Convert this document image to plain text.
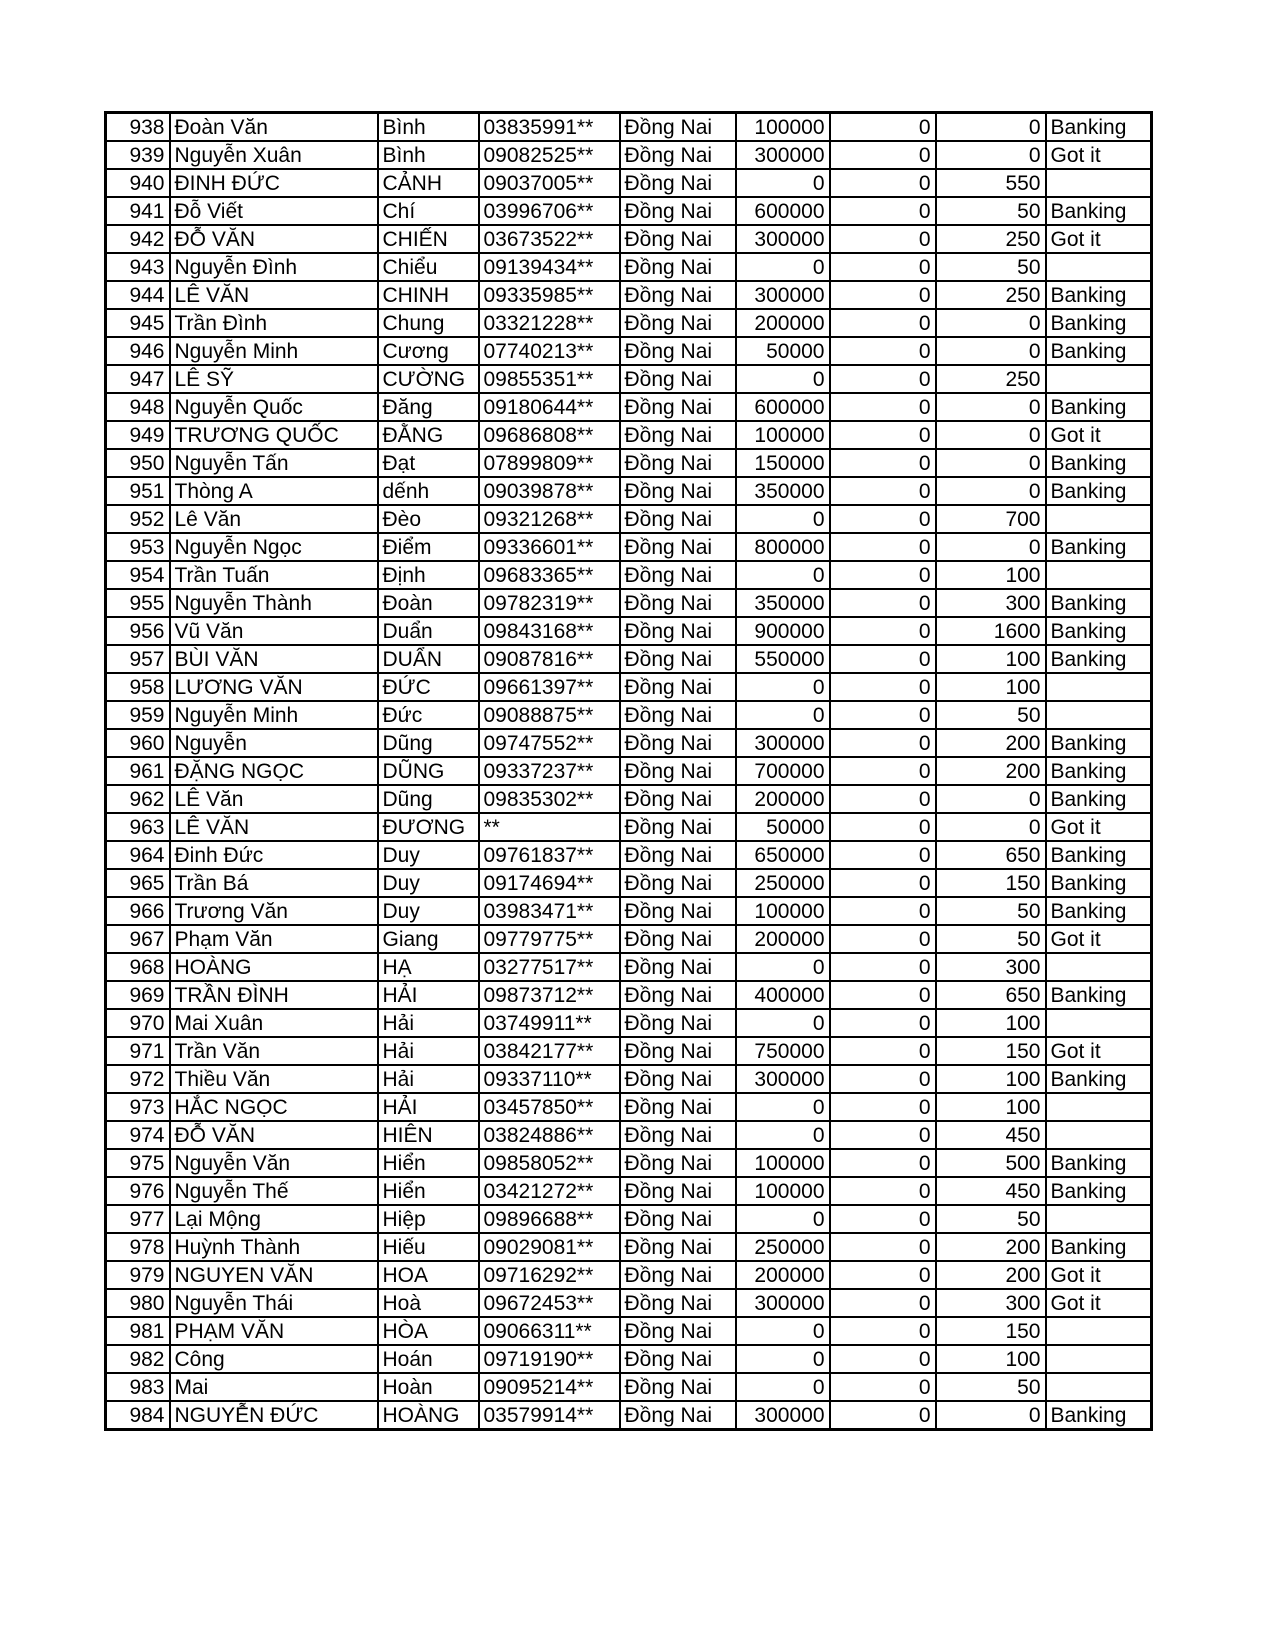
938	Đoàn Văn	Bình	03835991**	Đồng Nai	100000	0	0	Banking
939	Nguyễn Xuân	Bình	09082525**	Đồng Nai	300000	0	0	Got it
940	ĐINH ĐỨC	CẢNH	09037005**	Đồng Nai	0	0	550	
941	Đỗ Viết	Chí	03996706**	Đồng Nai	600000	0	50	Banking
942	ĐỖ VĂN	CHIẾN	03673522**	Đồng Nai	300000	0	250	Got it
943	Nguyễn Đình	Chiểu	09139434**	Đồng Nai	0	0	50	
944	LÊ VĂN	CHINH	09335985**	Đồng Nai	300000	0	250	Banking
945	Trần Đình	Chung	03321228**	Đồng Nai	200000	0	0	Banking
946	Nguyễn Minh	Cương	07740213**	Đồng Nai	50000	0	0	Banking
947	LÊ SỸ	CƯỜNG	09855351**	Đồng Nai	0	0	250	
948	Nguyễn Quốc	Đăng	09180644**	Đồng Nai	600000	0	0	Banking
949	TRƯƠNG QUỐC	ĐẰNG	09686808**	Đồng Nai	100000	0	0	Got it
950	Nguyễn Tấn	Đạt	07899809**	Đồng Nai	150000	0	0	Banking
951	Thòng A	dếnh	09039878**	Đồng Nai	350000	0	0	Banking
952	Lê Văn	Đèo	09321268**	Đồng Nai	0	0	700	
953	Nguyễn Ngọc	Điểm	09336601**	Đồng Nai	800000	0	0	Banking
954	Trần Tuấn	Định	09683365**	Đồng Nai	0	0	100	
955	Nguyễn Thành	Đoàn	09782319**	Đồng Nai	350000	0	300	Banking
956	Vũ Văn	Duẩn	09843168**	Đồng Nai	900000	0	1600	Banking
957	BÙI VĂN	DUẨN	09087816**	Đồng Nai	550000	0	100	Banking
958	LƯƠNG VĂN	ĐỨC	09661397**	Đồng Nai	0	0	100	
959	Nguyễn Minh	Đức	09088875**	Đồng Nai	0	0	50	
960	Nguyễn	Dũng	09747552**	Đồng Nai	300000	0	200	Banking
961	ĐẶNG NGỌC	DŨNG	09337237**	Đồng Nai	700000	0	200	Banking
962	LÊ Văn	Dũng	09835302**	Đồng Nai	200000	0	0	Banking
963	LÊ VĂN	ĐƯƠNG	**	Đồng Nai	50000	0	0	Got it
964	Đinh Đức	Duy	09761837**	Đồng Nai	650000	0	650	Banking
965	Trần Bá	Duy	09174694**	Đồng Nai	250000	0	150	Banking
966	Trương Văn	Duy	03983471**	Đồng Nai	100000	0	50	Banking
967	Phạm Văn	Giang	09779775**	Đồng Nai	200000	0	50	Got it
968	HOÀNG	HẠ	03277517**	Đồng Nai	0	0	300	
969	TRẦN ĐÌNH	HẢI	09873712**	Đồng Nai	400000	0	650	Banking
970	Mai Xuân	Hải	03749911**	Đồng Nai	0	0	100	
971	Trần Văn	Hải	03842177**	Đồng Nai	750000	0	150	Got it
972	Thiều Văn	Hải	09337110**	Đồng Nai	300000	0	100	Banking
973	HẮC NGỌC	HẢI	03457850**	Đồng Nai	0	0	100	
974	ĐỖ VĂN	HIÊN	03824886**	Đồng Nai	0	0	450	
975	Nguyễn Văn	Hiển	09858052**	Đồng Nai	100000	0	500	Banking
976	Nguyễn Thế	Hiển	03421272**	Đồng Nai	100000	0	450	Banking
977	Lại Mộng	Hiệp	09896688**	Đồng Nai	0	0	50	
978	Huỳnh Thành	Hiếu	09029081**	Đồng Nai	250000	0	200	Banking
979	NGUYEN VĂN	HOA	09716292**	Đồng Nai	200000	0	200	Got it
980	Nguyễn Thái	Hoà	09672453**	Đồng Nai	300000	0	300	Got it
981	PHẠM VĂN	HÒA	09066311**	Đồng Nai	0	0	150	
982	Công	Hoán	09719190**	Đồng Nai	0	0	100	
983	Mai	Hoàn	09095214**	Đồng Nai	0	0	50	
984	NGUYỄN ĐỨC	HOÀNG	03579914**	Đồng Nai	300000	0	0	Banking
